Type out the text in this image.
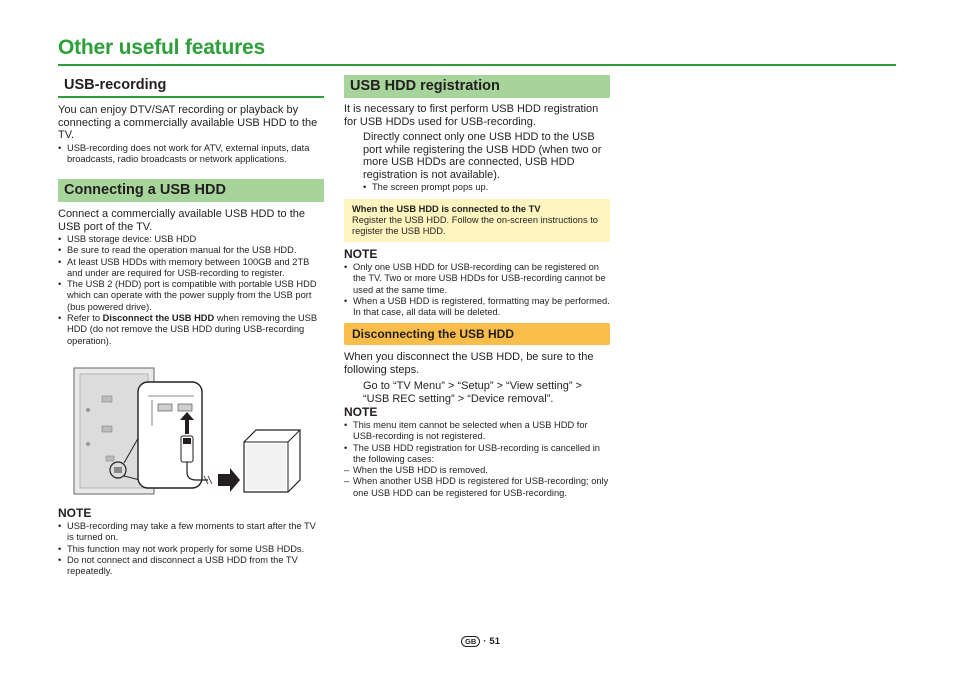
Other useful features
USB-recording
You can enjoy DTV/SAT recording or playback by connecting a commercially available USB HDD to the TV.
• USB-recording does not work for ATV, external inputs, data broadcasts, radio broadcasts or network applications.
Connecting a USB HDD
Connect a commercially available USB HDD to the USB port of the TV.
• USB storage device: USB HDD
• Be sure to read the operation manual for the USB HDD.
• At least USB HDDs with memory between 100GB and 2TB and under are required for USB-recording to register.
• The USB 2 (HDD) port is compatible with portable USB HDD which can operate with the power supply from the USB port (bus powered drive).
• Refer to Disconnect the USB HDD when removing the USB HDD (do not remove the USB HDD during USB-recording operation).
NOTE
• USB-recording may take a few moments to start after the TV is turned on.
• This function may not work properly for some USB HDDs.
• Do not connect and disconnect a USB HDD from the TV repeatedly.
USB HDD registration
It is necessary to first perform USB HDD registration for USB HDDs used for USB-recording.
Directly connect only one USB HDD to the USB port while registering the USB HDD (when two or more USB HDDs are connected, USB HDD registration is not available).
• The screen prompt pops up.
When the USB HDD is connected to the TV
Register the USB HDD. Follow the on-screen instructions to register the USB HDD.
NOTE
• Only one USB HDD for USB-recording can be registered on the TV. Two or more USB HDDs for USB-recording cannot be used at the same time.
• When a USB HDD is registered, formatting may be performed. In that case, all data will be deleted.
Disconnecting the USB HDD
When you disconnect the USB HDD, be sure to the following steps.
Go to “TV Menu” > “Setup” > “View setting” > “USB REC setting” > “Device removal”.
NOTE
• This menu item cannot be selected when a USB HDD for USB-recording is not registered.
• The USB HDD registration for USB-recording is cancelled in the following cases:
– When the USB HDD is removed.
– When another USB HDD is registered for USB-recording; only one USB HDD can be registered for USB-recording.
GB · 51
